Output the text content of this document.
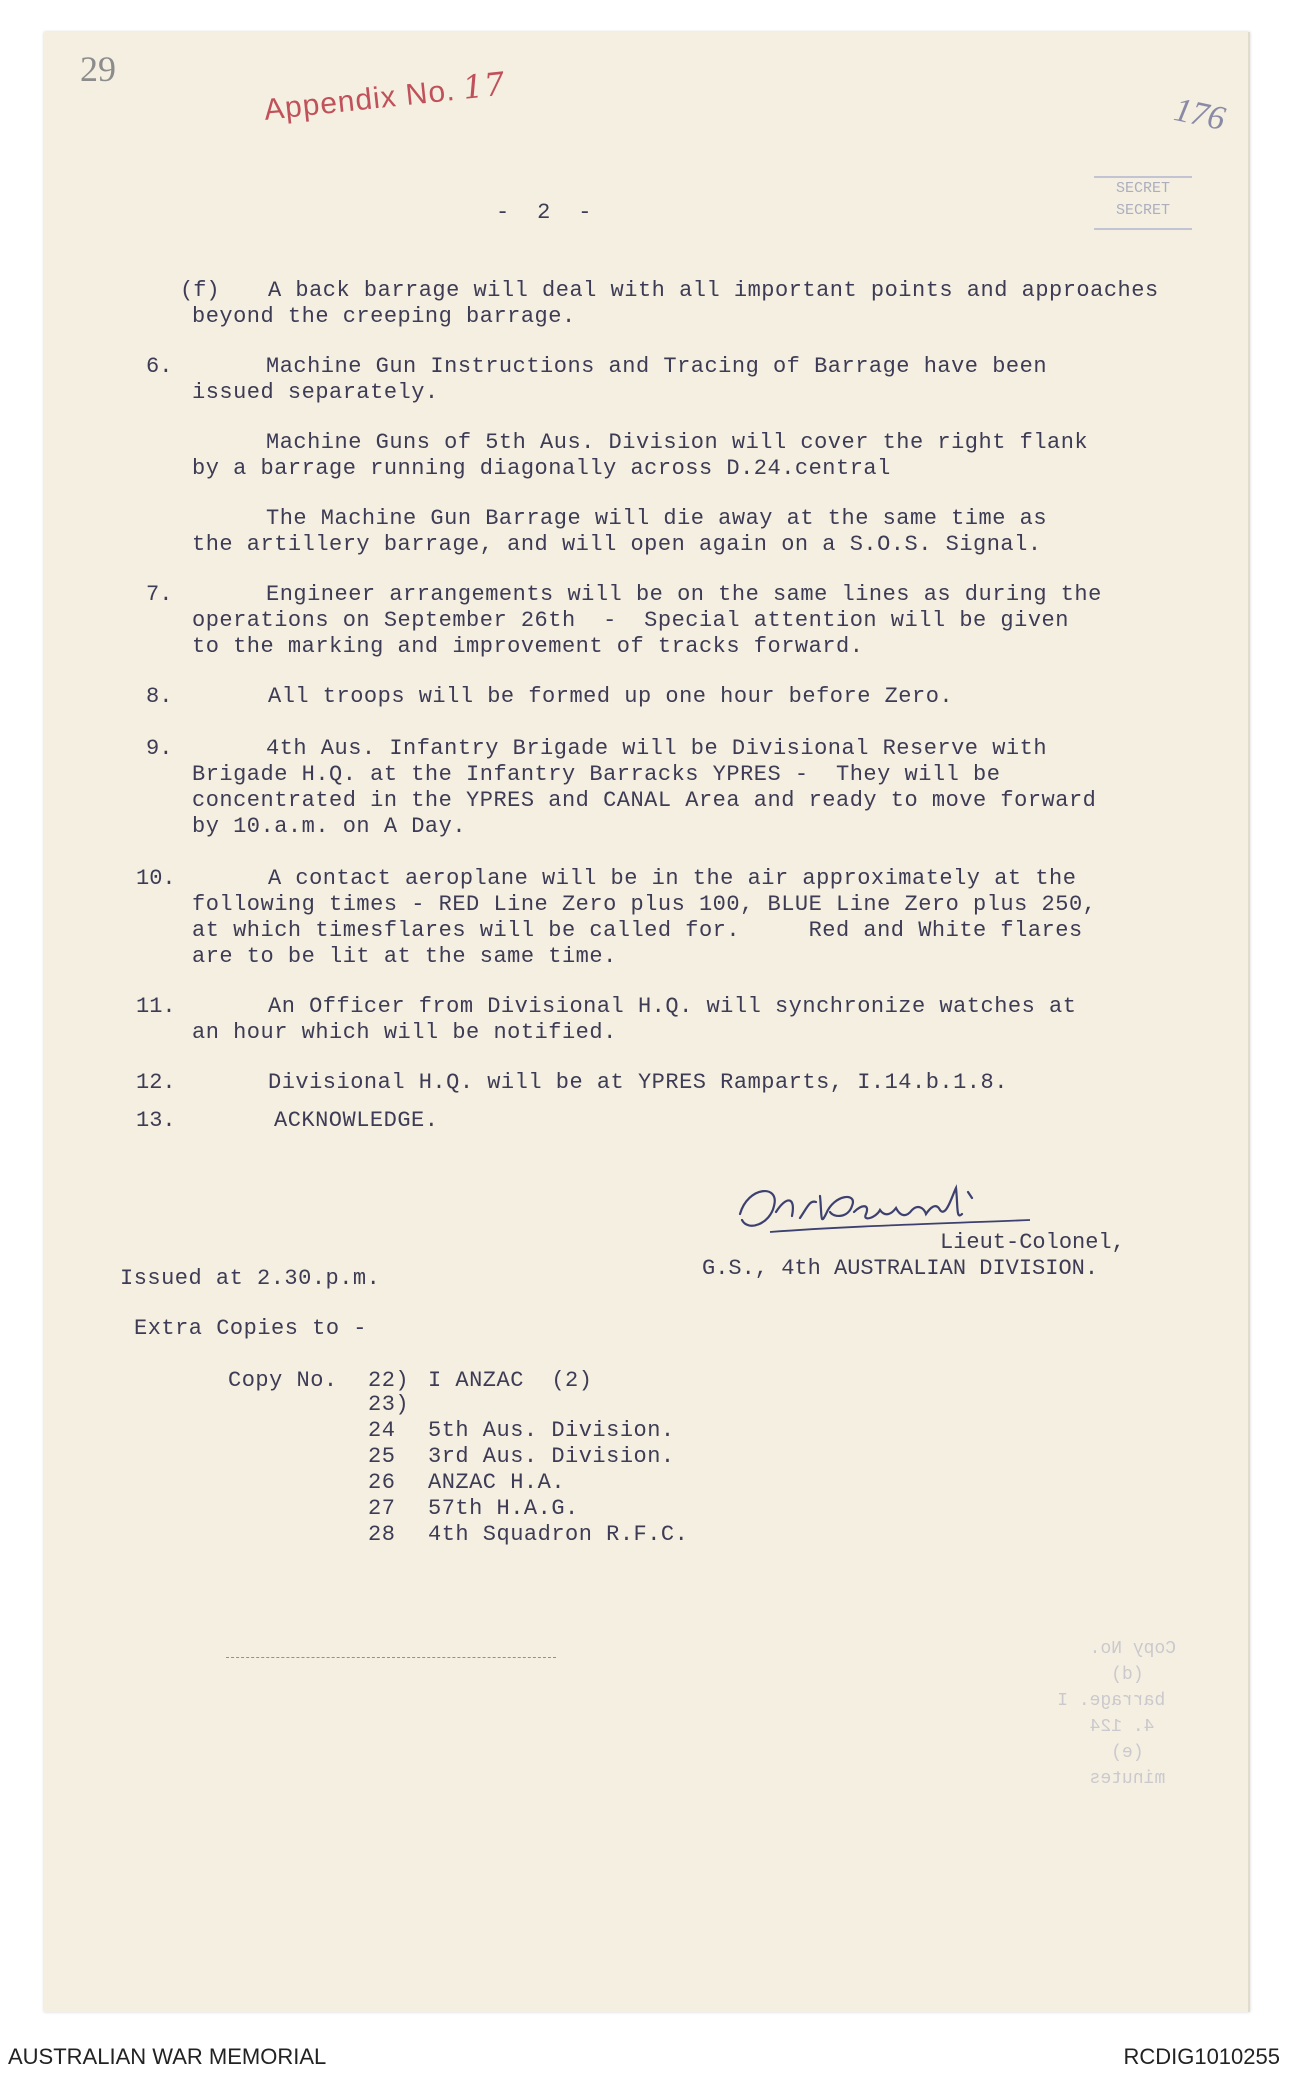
29
176
Appendix No. 17
SECRET
SECRET
-  2  -
(f) A back barrage will deal with all important points and approaches
beyond the creeping barrage.
6.	Machine Gun Instructions and Tracing of Barrage have been
issued separately.
Machine Guns of 5th Aus. Division will cover the right flank
by a barrage running diagonally across D.24.central
The Machine Gun Barrage will die away at the same time as
the artillery barrage, and will open again on a S.O.S. Signal.
7.	Engineer arrangements will be on the same lines as during the
operations on September 26th  -  Special attention will be given
to the marking and improvement of tracks forward.
8.	All troops will be formed up one hour before Zero.
9.	4th Aus. Infantry Brigade will be Divisional Reserve with
Brigade H.Q. at the Infantry Barracks YPRES -  They will be
concentrated in the YPRES and CANAL Area and ready to move forward
by 10.a.m. on A Day.
10.	A contact aeroplane will be in the air approximately at the
following times - RED Line Zero plus 100, BLUE Line Zero plus 250,
at which timesflares will be called for.     Red and White flares
are to be lit at the same time.
11.	An Officer from Divisional H.Q. will synchronize watches at
an hour which will be notified.
12.	Divisional H.Q. will be at YPRES Ramparts, I.14.b.1.8.
13.	ACKNOWLEDGE.
Lieut-Colonel,
G.S., 4th AUSTRALIAN DIVISION.
Issued at 2.30.p.m.
Extra Copies to -
Copy No. 22) I ANZAC  (2)
23)
24 5th Aus. Division.
25 3rd Aus. Division.
26 ANZAC H.A.
27 57th H.A.G.
28 4th Squadron R.F.C.
Copy No.
(d)
barrage. I
4. 124
(e)
minutes
AUSTRALIAN WAR MEMORIAL	RCDIG1010255
